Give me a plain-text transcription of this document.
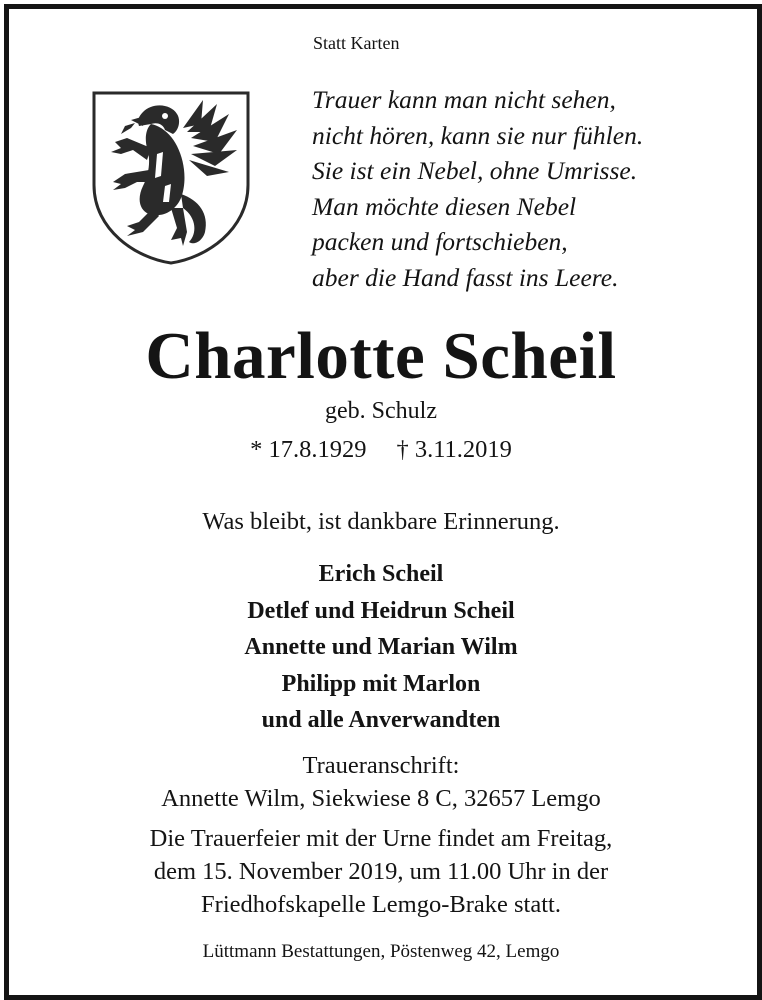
Statt Karten
Trauer kann man nicht sehen,
nicht hören, kann sie nur fühlen.
Sie ist ein Nebel, ohne Umrisse.
Man möchte diesen Nebel
packen und fortschieben,
aber die Hand fasst ins Leere.
Charlotte Scheil
geb. Schulz
* 17.8.1929 † 3.11.2019
Was bleibt, ist dankbare Erinnerung.
Erich Scheil
Detlef und Heidrun Scheil
Annette und Marian Wilm
Philipp mit Marlon
und alle Anverwandten
Traueranschrift:
Annette Wilm, Siekwiese 8 C, 32657 Lemgo
Die Trauerfeier mit der Urne findet am Freitag,
dem 15. November 2019, um 11.00 Uhr in der
Friedhofskapelle Lemgo-Brake statt.
Lüttmann Bestattungen, Pöstenweg 42, Lemgo
